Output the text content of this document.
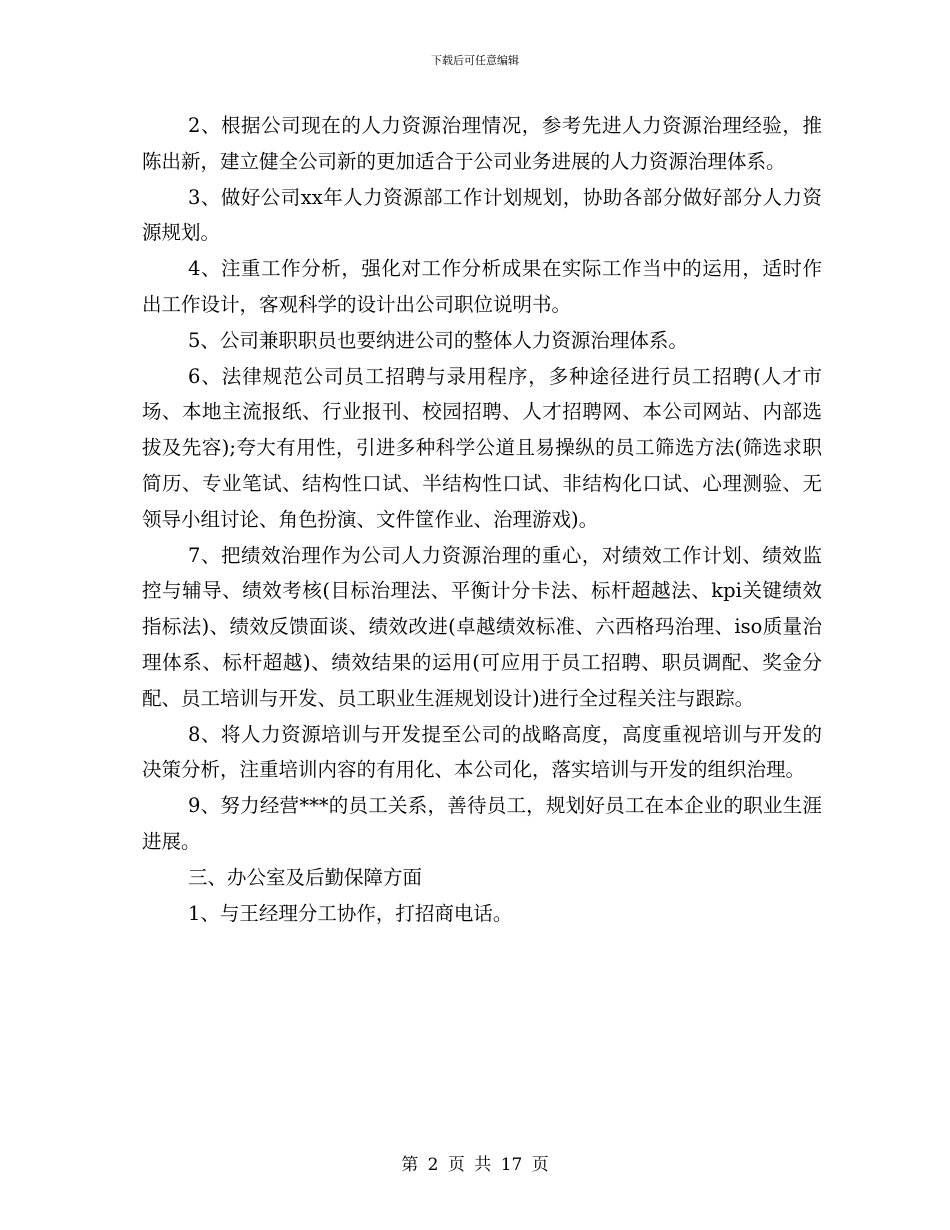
下载后可任意编辑

2、根据公司现在的人力资源治理情况，参考先进人力资源治理经验，推陈出新，建立健全公司新的更加适合于公司业务进展的人力资源治理体系。

3、做好公司xx年人力资源部工作计划规划，协助各部分做好部分人力资源规划。

4、注重工作分析，强化对工作分析成果在实际工作当中的运用，适时作出工作设计，客观科学的设计出公司职位说明书。

5、公司兼职职员也要纳进公司的整体人力资源治理体系。

6、法律规范公司员工招聘与录用程序，多种途径进行员工招聘(人才市场、本地主流报纸、行业报刊、校园招聘、人才招聘网、本公司网站、内部选拔及先容);夸大有用性，引进多种科学公道且易操纵的员工筛选方法(筛选求职简历、专业笔试、结构性口试、半结构性口试、非结构化口试、心理测验、无领导小组讨论、角色扮演、文件筐作业、治理游戏)。

7、把绩效治理作为公司人力资源治理的重心，对绩效工作计划、绩效监控与辅导、绩效考核(目标治理法、平衡计分卡法、标杆超越法、kpi关键绩效指标法)、绩效反馈面谈、绩效改进(卓越绩效标准、六西格玛治理、iso质量治理体系、标杆超越)、绩效结果的运用(可应用于员工招聘、职员调配、奖金分配、员工培训与开发、员工职业生涯规划设计)进行全过程关注与跟踪。

8、将人力资源培训与开发提至公司的战略高度，高度重视培训与开发的决策分析，注重培训内容的有用化、本公司化，落实培训与开发的组织治理。

9、努力经营***的员工关系，善待员工，规划好员工在本企业的职业生涯进展。

三、办公室及后勤保障方面

1、与王经理分工协作，打招商电话。

第 2 页 共 17 页
